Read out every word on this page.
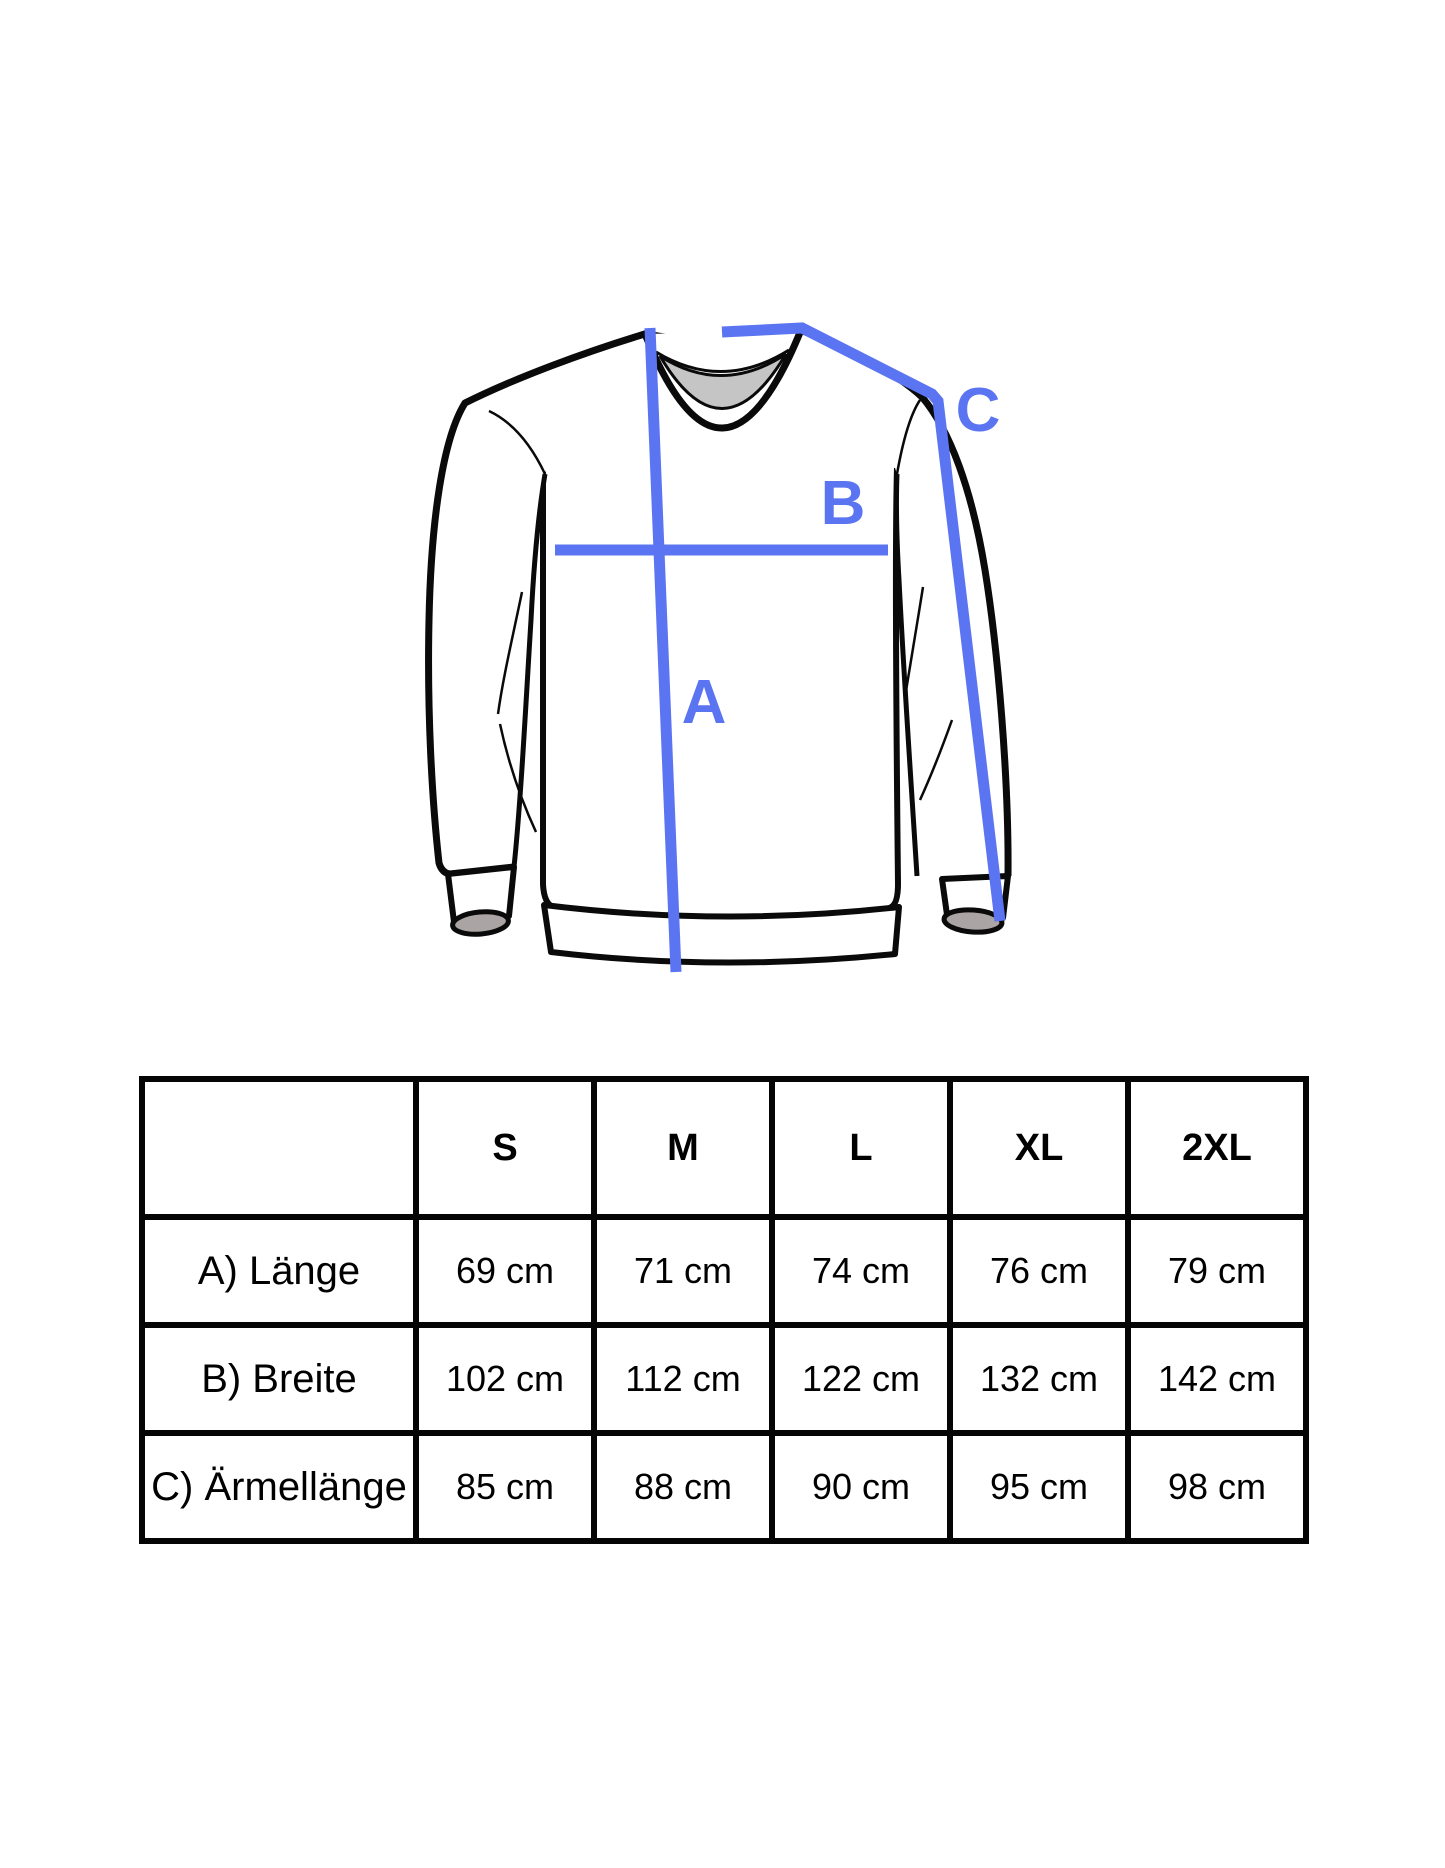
A
B
C
	S	M	L	XL	2XL
A) Länge	69 cm	71 cm	74 cm	76 cm	79 cm
B) Breite	102 cm	112 cm	122 cm	132 cm	142 cm
C) Ärmellänge	85 cm	88 cm	90 cm	95 cm	98 cm
